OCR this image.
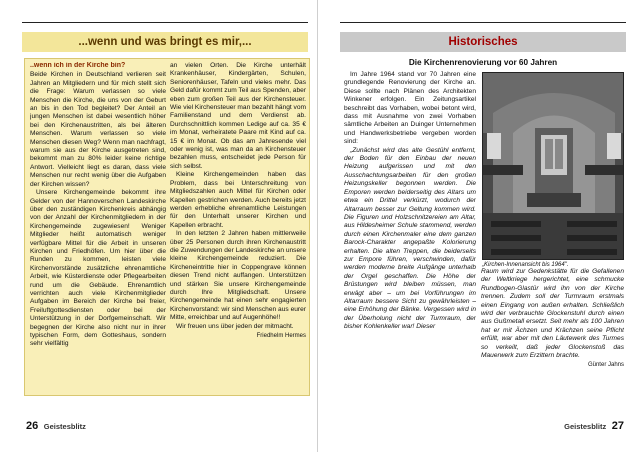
...wenn und was bringt es mir,...

..wenn ich in der Kirche bin?

Beide Kirchen in Deutschland verlieren seit Jahren an Mitgliedern und für mich stellt sich die Frage: Warum verlassen so viele Menschen die Kirche, die uns von der Geburt an bis in den Tod begleitet? Der Anteil an jungen Menschen ist dabei wesentlich höher bei den Kirchenaustritten, als bei älteren Menschen. Warum verlassen so viele Menschen diesen Weg? Wenn man nachfragt, warum sie aus der Kirche ausgetreten sind, bekommt man zu 80% leider keine richtige Antwort. Vielleicht liegt es daran, dass viele Menschen nur recht wenig über die Aufgaben der Kirchen wissen?

Unsere Kirchengemeinde bekommt ihre Gelder von der Hannoverschen Landeskirche über den zuständigen Kirchenkreis abhängig von der Anzahl der Kirchenmitgliedern in der Kirchengemeinde zugewiesen! Weniger Mitglieder heißt automatisch weniger verfügbare Mittel für die Arbeit in unseren Kirchen und Friedhöfen. Um hier über die Runden zu kommen, leisten viele Kirchenvorstände zusätzliche ehrenamtliche Arbeit, wie Küsterdienste oder Pflegearbeiten rund um die Gebäude. Ehrenamtlich verrichten auch viele Kirchenmitglieder Aufgaben im Bereich der Kirche bei freier, Freiluftgottesdiensten oder bei der Unterstützung in der Dorfgemeinschaft. Wir begegnen der Kirche also nicht nur in ihrer typischen Form, dem Gotteshaus, sondern sehr vielfältig

an vielen Orten. Die Kirche unterhält Krankenhäuser, Kindergärten, Schulen, Seniorenhäuser, Tafeln und vieles mehr. Das Geld dafür kommt zum Teil aus Spenden, aber eben zum großen Teil aus der Kirchensteuer. Wie viel Kirchensteuer man bezahlt hängt vom Familienstand und dem Verdienst ab. Durchschnittlich kommen Ledige auf ca. 35 € im Monat, verheiratete Paare mit Kind auf ca. 15 € im Monat. Ob das am Jahresende viel oder wenig ist, was man da an Kirchensteuer bezahlen muss, entscheidet jede Person für sich selbst.

Kleine Kirchengemeinden haben das Problem, dass bei Unterschreitung von Mitgliedszahlen auch Mittel für Kirchen oder Kapellen gestrichen werden. Auch bereits jetzt werden erhebliche ehrenamtliche Leistungen für den Unterhalt unserer Kirchen und Kapellen erbracht.

In den letzten 2 Jahren haben mittlerweile über 25 Personen durch ihren Kirchenaustritt die Zuwendungen der Landeskirche an unsere kleine Kirchengemeinde reduziert. Die Kircheneintritte hier in Coppengrave können diesen Trend nicht auffangen. Unterstützen und stärken Sie unsere Kirchengemeinde durch Ihre Mitgliedschaft. Unsere Kirchengemeinde hat einen sehr engagierten Kirchenvorstand: wir sind Menschen aus eurer Mitte, erreichbar und auf Augenhöhe!!

Wir freuen uns über jeden der mitmacht.

Friedhelm Hermes
26 Geistesblitz
Historisches
Die Kirchenrenovierung vor 60 Jahren

Im Jahre 1964 stand vor 70 Jahren eine grundlegende Renovierung der Kirche an. Diese sollte nach Plänen des Architekten Winkener erfolgen. Ein Zeitungsartikel beschreibt das Vorhaben, wobei betont wird, dass mit Ausnahme von zwei Vorhaben sämtliche Arbeiten an Duinger Unternehmen und Handwerksbetriebe vergeben worden sind:

„Zunächst wird das alte Gestühl entfernt, der Boden für den Einbau der neuen Heizung aufgerissen und mit den Ausschachtungsarbeiten für den großen Heizungskeller begonnen werden. Die Emporen werden beiderseitig des Altars um etwa ein Drittel verkürzt, wodurch der Altarraum besser zur Geltung kommen wird. Die Figuren und Holzschnitzereien am Altar, aus Hildesheimer Schule stammend, werden durch einen Kirchenmaler eine dem ganzen Barock-Charakter angepaßte Kolorierung erhalten. Die alten Treppen, die beiderseits zur Empore führen, verschwinden, dafür werden moderne breite Aufgänge unterhalb der Orgel geschaffen. Die Höhe der Brüstungen wird bleiben müssen, man erwägt aber – um bei Vorführungen im Altarraum bessere Sicht zu gewährleisten – eine Erhöhung der Bänke. Vergessen wird in der Überholung nicht der Turmraum, der bisher Kohlenkeller war! Dieser

„Kirchen-Innenansicht bis 1964".

Raum wird zur Gedenkstätte für die Gefallenen der Weltkriege hergerichtet, eine schmucke Rundbogen-Glastür wird ihn von der Kirche trennen. Zudem soll der Turmraum erstmals einen Eingang von außen erhalten. Schließlich wird der verbrauchte Glockenstuhl durch einen aus Gußmetall ersetzt. Seit mehr als 100 Jahren hat er mit Ächzen und Krächzen seine Pflicht erfüllt, war aber mit den Läutewerk des Turmes so verkeilt, daß jeder Glockenstoß das Mauerwerk zum Erzittern brachte.

Günter Jahns
Geistesblitz 27
